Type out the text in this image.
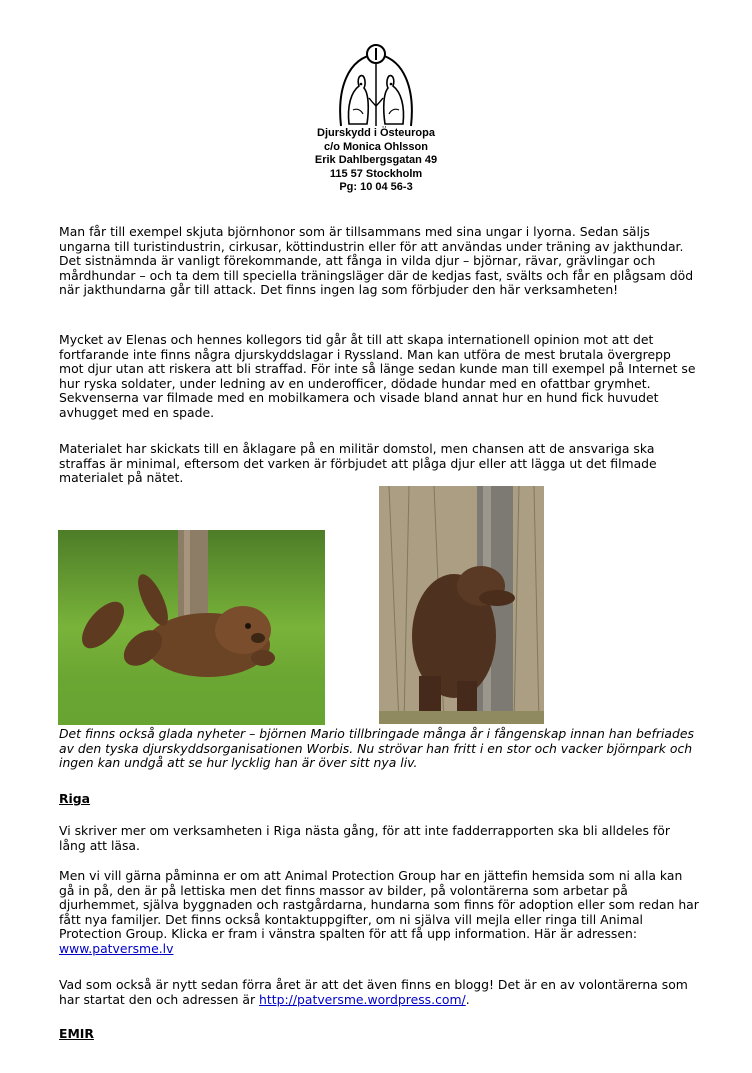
Djurskydd i Östeuropa
c/o Monica Ohlsson
Erik Dahlbergsgatan 49
115 57 Stockholm
Pg: 10 04 56-3

Man får till exempel skjuta björnhonor som är tillsammans med sina ungar i lyorna. Sedan säljs ungarna till turistindustrin, cirkusar, köttindustrin eller för att användas under träning av jakthundar. Det sistnämnda är vanligt förekommande, att fånga in vilda djur – björnar, rävar, grävlingar och mårdhundar – och ta dem till speciella träningsläger där de kedjas fast, svälts och får en plågsam död när jakthundarna går till attack. Det finns ingen lag som förbjuder den här verksamheten!

Mycket av Elenas och hennes kollegors tid går åt till att skapa internationell opinion mot att det fortfarande inte finns några djurskyddslagar i Ryssland. Man kan utföra de mest brutala övergrepp mot djur utan att riskera att bli straffad. För inte så länge sedan kunde man till exempel på Internet se hur ryska soldater, under ledning av en underofficer, dödade hundar med en ofattbar grymhet. Sekvenserna var filmade med en mobilkamera och visade bland annat hur en hund fick huvudet avhugget med en spade.

Materialet har skickats till en åklagare på en militär domstol, men chansen att de ansvariga ska straffas är minimal, eftersom det varken är förbjudet att plåga djur eller att lägga ut det filmade materialet på nätet.

Det finns också glada nyheter – björnen Mario tillbringade många år i fångenskap innan han befriades av den tyska djurskyddsorganisationen Worbis. Nu strövar han fritt i en stor och vacker björnpark och ingen kan undgå att se hur lycklig han är över sitt nya liv.

Riga

Vi skriver mer om verksamheten i Riga nästa gång, för att inte fadderrapporten ska bli alldeles för lång att läsa.

Men vi vill gärna påminna er om att Animal Protection Group har en jättefin hemsida som ni alla kan gå in på, den är på lettiska men det finns massor av bilder, på volontärerna som arbetar på djurhemmet, själva byggnaden och rastgårdarna, hundarna som finns för adoption eller som redan har fått nya familjer. Det finns också kontaktuppgifter, om ni själva vill mejla eller ringa till Animal Protection Group. Klicka er fram i vänstra spalten för att få upp information. Här är adressen:
www.patversme.lv

Vad som också är nytt sedan förra året är att det även finns en blogg! Det är en av volontärerna som har startat den och adressen är http://patversme.wordpress.com/.

EMIR
